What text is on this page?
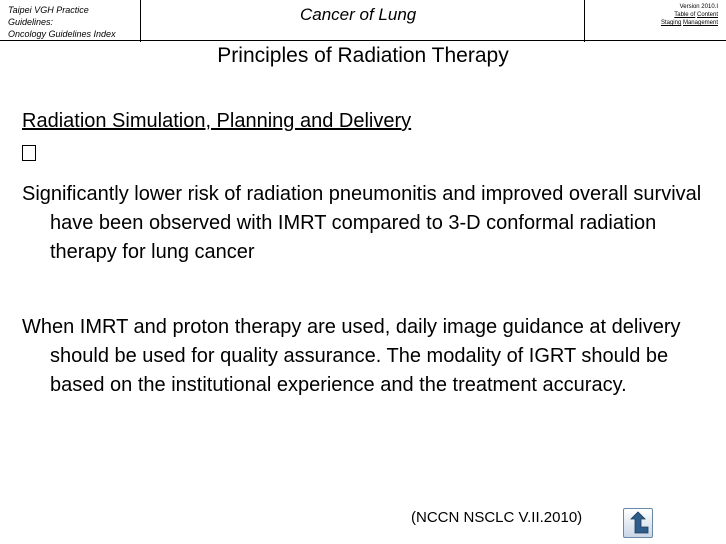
Taipei VGH Practice
Guidelines:
Oncology Guidelines Index
Cancer of Lung	Version 2010.I
Table of Content
Staging Management
Principles of Radiation Therapy
Radiation Simulation, Planning and Delivery
Significantly lower risk of radiation pneumonitis and improved overall survival have been observed with IMRT compared to 3-D conformal radiation therapy for lung cancer
When IMRT and proton therapy are used, daily image guidance at delivery should be used for quality assurance. The modality of IGRT should be based on the institutional experience and the treatment accuracy.
(NCCN NSCLC V.II.2010)
